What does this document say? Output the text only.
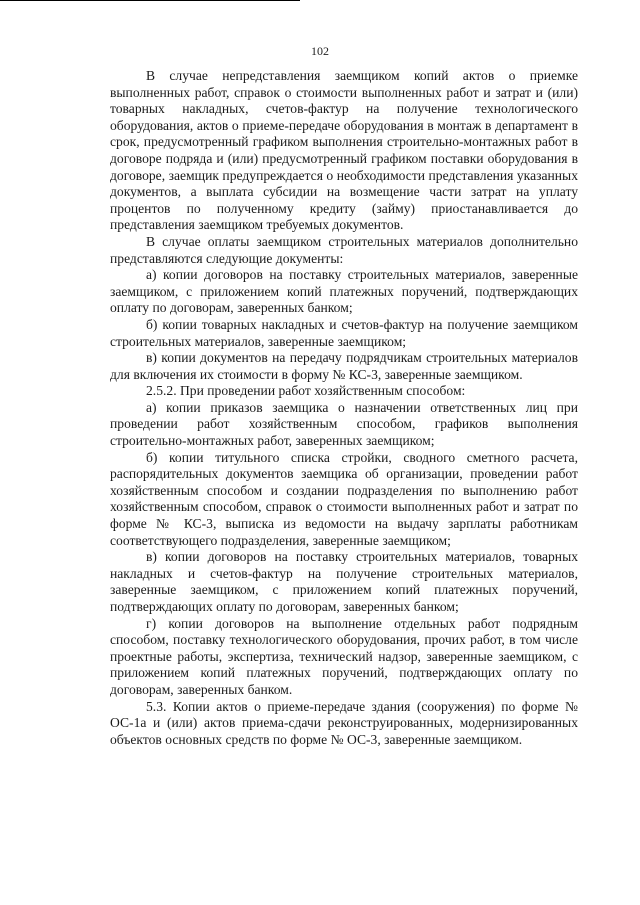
102

В случае непредставления заемщиком копий актов о приемке выполненных работ, справок о стоимости выполненных работ и затрат и (или) товарных накладных, счетов-фактур на получение технологического оборудования, актов о приеме-передаче оборудования в монтаж в департамент в срок, предусмотренный графиком выполнения строительно-монтажных работ в договоре подряда и (или) предусмотренный графиком поставки оборудования в договоре, заемщик предупреждается о необходимости представления указанных документов, а выплата субсидии на возмещение части затрат на уплату процентов по полученному кредиту (займу) приостанавливается до представления заемщиком требуемых документов.

В случае оплаты заемщиком строительных материалов дополнительно представляются следующие документы:

а) копии договоров на поставку строительных материалов, заверенные заемщиком, с приложением копий платежных поручений, подтверждающих оплату по договорам, заверенных банком;

б) копии товарных накладных и счетов-фактур на получение заемщиком строительных материалов, заверенные заемщиком;

в) копии документов на передачу подрядчикам строительных материалов для включения их стоимости в форму № КС-3, заверенные заемщиком.

2.5.2. При проведении работ хозяйственным способом:

а) копии приказов заемщика о назначении ответственных лиц при проведении работ хозяйственным способом, графиков выполнения строительно-монтажных работ, заверенных заемщиком;

б) копии титульного списка стройки, сводного сметного расчета, распорядительных документов заемщика об организации, проведении работ хозяйственным способом и создании подразделения по выполнению работ хозяйственным способом, справок о стоимости выполненных работ и затрат по форме № КС-3, выписка из ведомости на выдачу зарплаты работникам соответствующего подразделения, заверенные заемщиком;

в) копии договоров на поставку строительных материалов, товарных накладных и счетов-фактур на получение строительных материалов, заверенные заемщиком, с приложением копий платежных поручений, подтверждающих оплату по договорам, заверенных банком;

г) копии договоров на выполнение отдельных работ подрядным способом, поставку технологического оборудования, прочих работ, в том числе проектные работы, экспертиза, технический надзор, заверенные заемщиком, с приложением копий платежных поручений, подтверждающих оплату по договорам, заверенных банком.

5.3. Копии актов о приеме-передаче здания (сооружения) по форме № ОС-1а и (или) актов приема-сдачи реконструированных, модернизированных объектов основных средств по форме № ОС-3, заверенные заемщиком.
